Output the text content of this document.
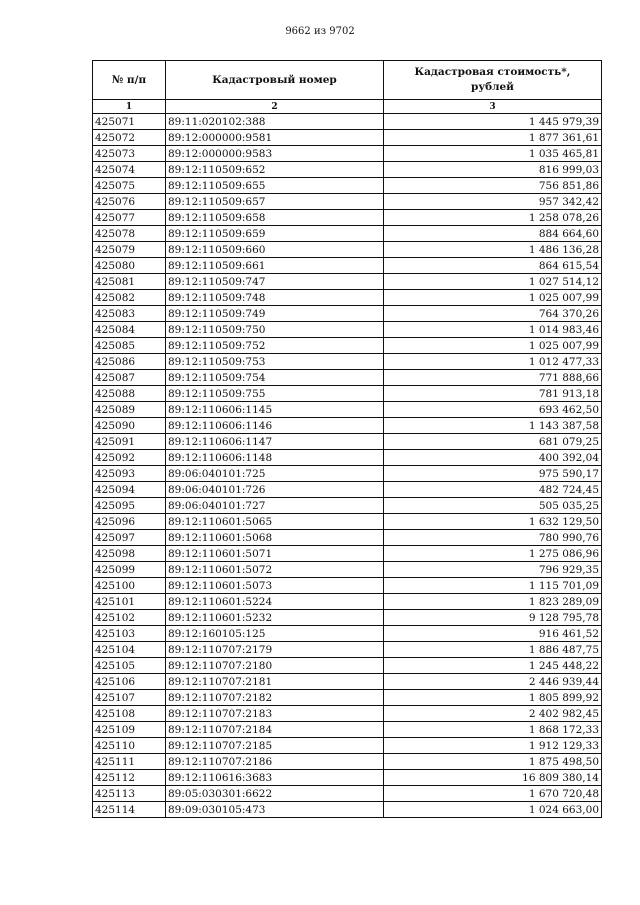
9662 из 9702
№ п/п	Кадастровый номер	Кадастровая стоимость*,
рублей
1	2	3
425071	89:11:020102:388	1 445 979,39
425072	89:12:000000:9581	1 877 361,61
425073	89:12:000000:9583	1 035 465,81
425074	89:12:110509:652	816 999,03
425075	89:12:110509:655	756 851,86
425076	89:12:110509:657	957 342,42
425077	89:12:110509:658	1 258 078,26
425078	89:12:110509:659	884 664,60
425079	89:12:110509:660	1 486 136,28
425080	89:12:110509:661	864 615,54
425081	89:12:110509:747	1 027 514,12
425082	89:12:110509:748	1 025 007,99
425083	89:12:110509:749	764 370,26
425084	89:12:110509:750	1 014 983,46
425085	89:12:110509:752	1 025 007,99
425086	89:12:110509:753	1 012 477,33
425087	89:12:110509:754	771 888,66
425088	89:12:110509:755	781 913,18
425089	89:12:110606:1145	693 462,50
425090	89:12:110606:1146	1 143 387,58
425091	89:12:110606:1147	681 079,25
425092	89:12:110606:1148	400 392,04
425093	89:06:040101:725	975 590,17
425094	89:06:040101:726	482 724,45
425095	89:06:040101:727	505 035,25
425096	89:12:110601:5065	1 632 129,50
425097	89:12:110601:5068	780 990,76
425098	89:12:110601:5071	1 275 086,96
425099	89:12:110601:5072	796 929,35
425100	89:12:110601:5073	1 115 701,09
425101	89:12:110601:5224	1 823 289,09
425102	89:12:110601:5232	9 128 795,78
425103	89:12:160105:125	916 461,52
425104	89:12:110707:2179	1 886 487,75
425105	89:12:110707:2180	1 245 448,22
425106	89:12:110707:2181	2 446 939,44
425107	89:12:110707:2182	1 805 899,92
425108	89:12:110707:2183	2 402 982,45
425109	89:12:110707:2184	1 868 172,33
425110	89:12:110707:2185	1 912 129,33
425111	89:12:110707:2186	1 875 498,50
425112	89:12:110616:3683	16 809 380,14
425113	89:05:030301:6622	1 670 720,48
425114	89:09:030105:473	1 024 663,00
